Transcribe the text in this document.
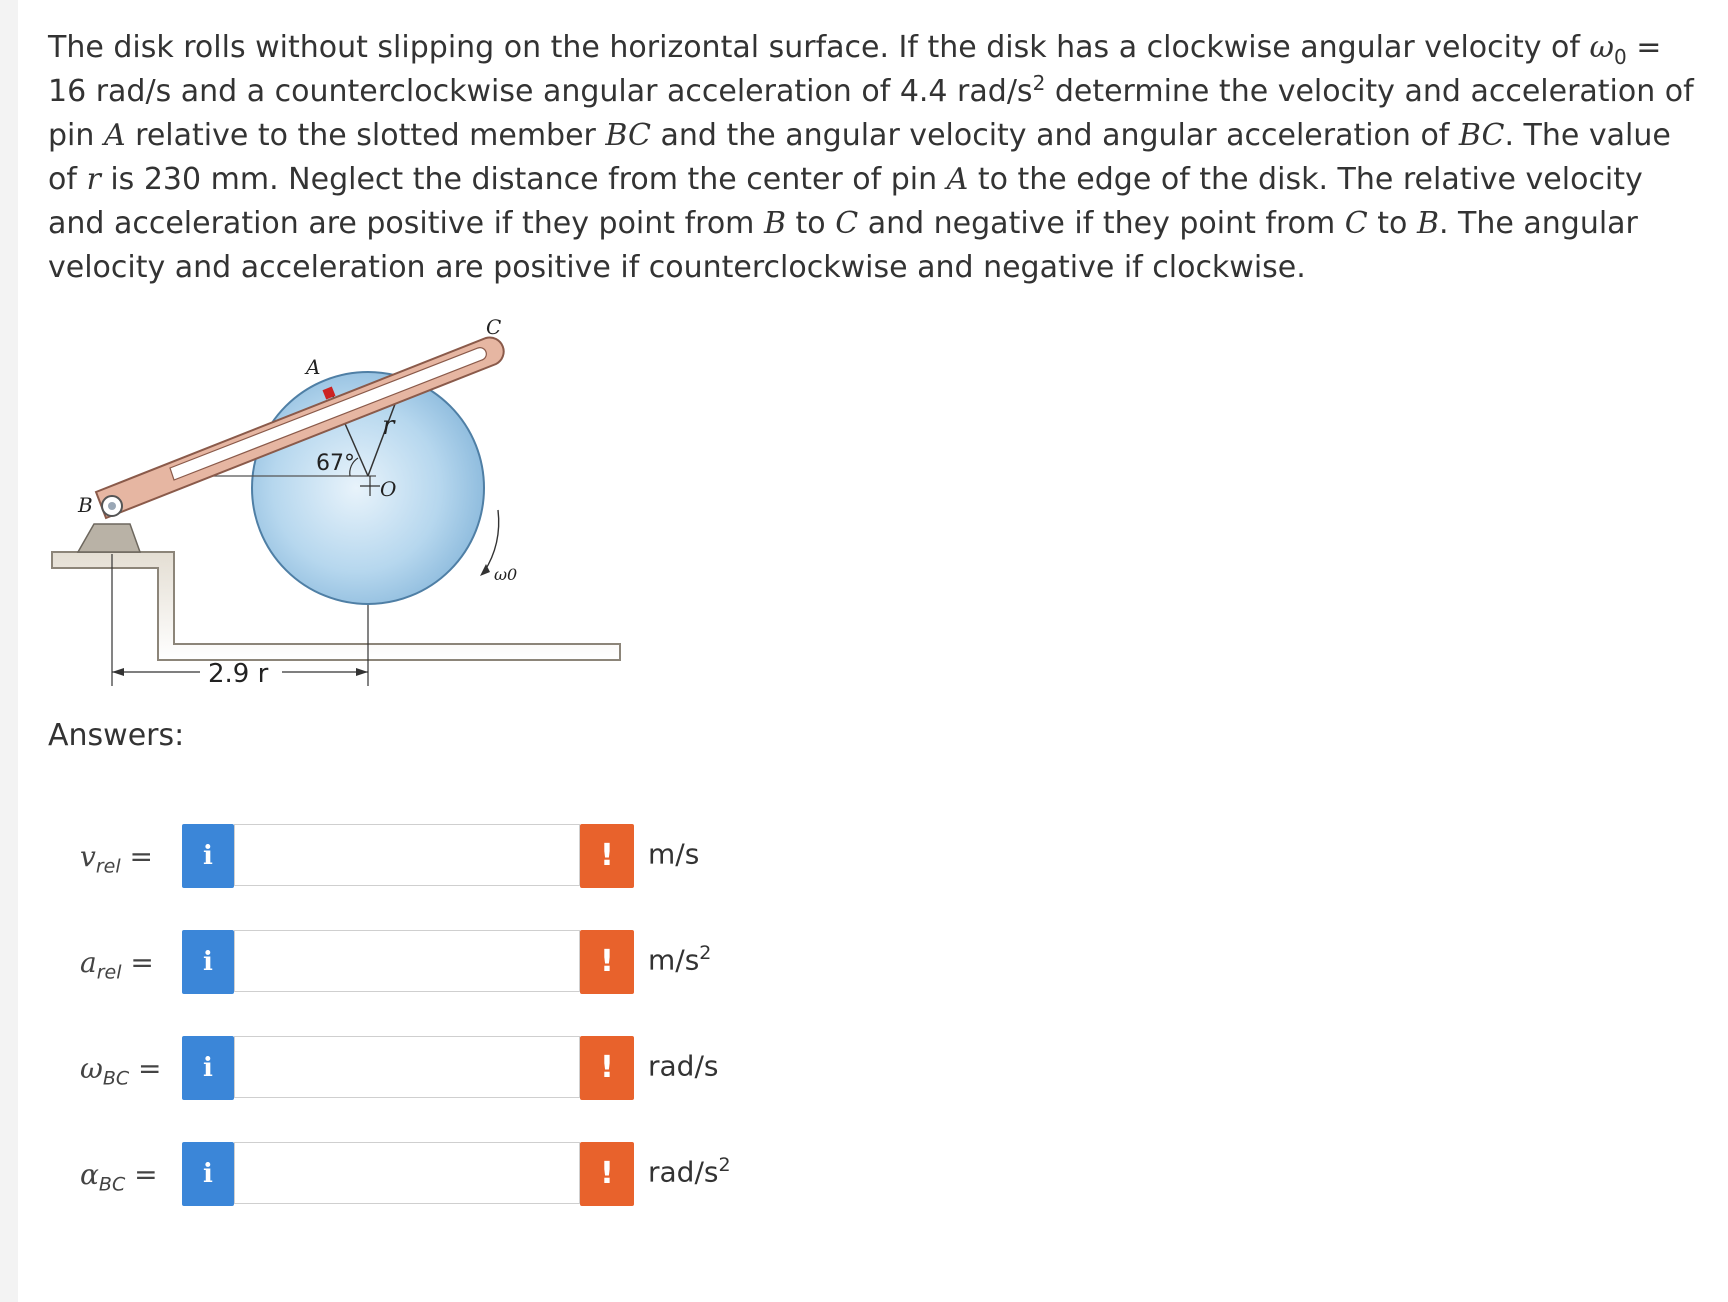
The disk rolls without slipping on the horizontal surface. If the disk has a clockwise angular velocity of $\omega_0 = 16$ rad/s and a counterclockwise angular acceleration of 4.4 rad/$s^2$ determine the velocity and acceleration of pin A relative to the slotted member BC and the angular velocity and angular acceleration of BC. The value of r is 230 mm. Neglect the distance from the center of pin A to the edge of the disk. The relative velocity and acceleration are positive if they point from B to C and negative if they point from C to B. The angular velocity and acceleration are positive if counterclockwise and negative if clockwise.
2.9 r
O
r
67°
A
B
C
ω0
Answers:
$v_{rel}$ =	i	!	m/s
$a_{rel}$ =	i	!	$m/s^2$
$\omega_{BC}$ =	i	!	rad/s
$\alpha_{BC}$ =	i	!	rad/$s^2$
